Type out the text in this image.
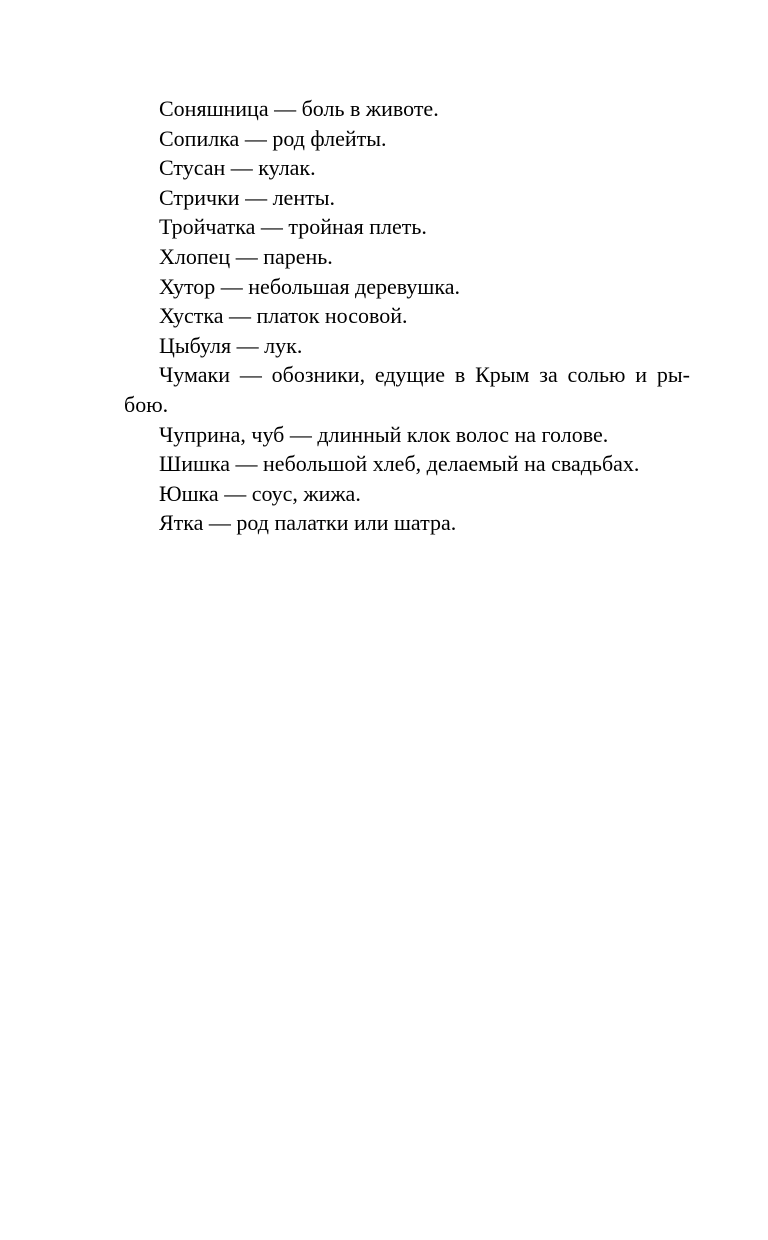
Соняшница — боль в животе.

Сопилка — род флейты.

Стусан — кулак.

Стрички — ленты.

Тройчатка — тройная плеть.

Хлопец — парень.

Хутор — небольшая деревушка.

Хустка — платок носовой.

Цыбуля — лук.

Чумаки — обозники, едущие в Крым за солью и ры-бою.

Чуприна, чуб — длинный клок волос на голове.

Шишка — небольшой хлеб, делаемый на свадьбах.

Юшка — соус, жижа.

Ятка — род палатки или шатра.
